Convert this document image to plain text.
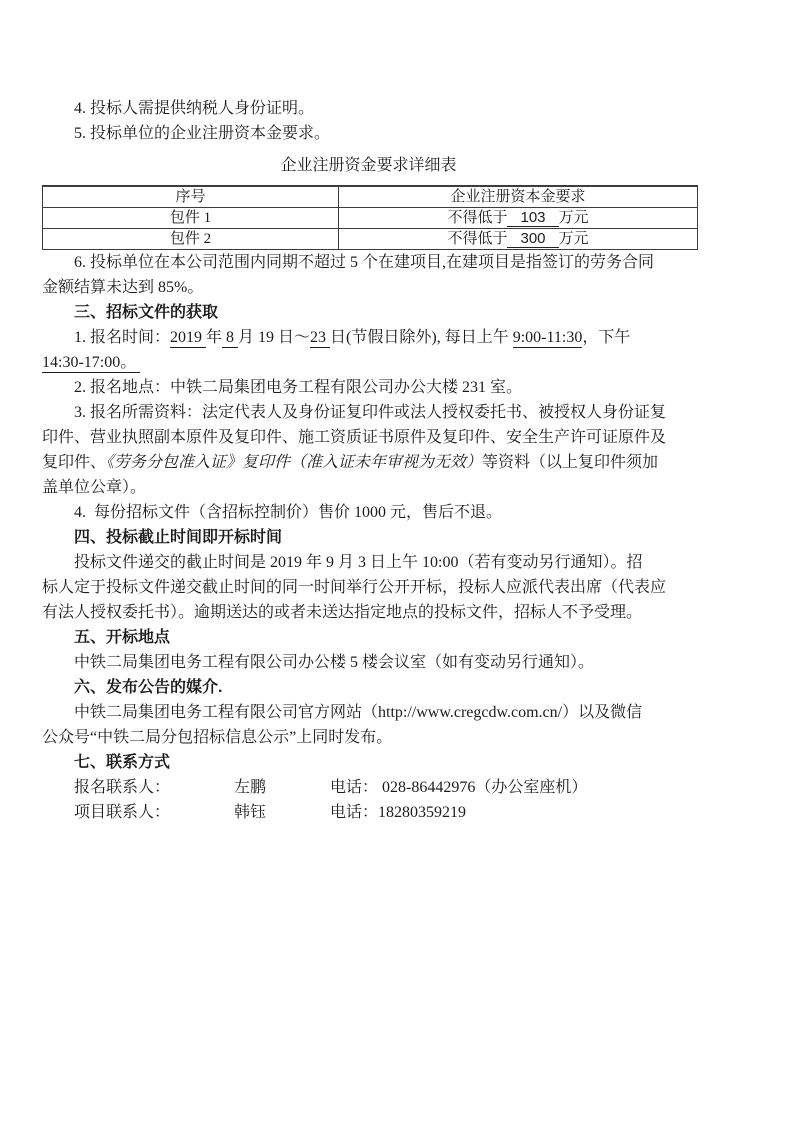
4. 投标人需提供纳税人身份证明。
5. 投标单位的企业注册资本金要求。
企业注册资金要求详细表
序号	企业注册资本金要求
包件 1	不得低于 103 万元
包件 2	不得低于 300 万元
6. 投标单位在本公司范围内同期不超过 5 个在建项目,在建项目是指签订的劳务合同
金额结算未达到 85%。
三、招标文件的获取
1. 报名时间：2019 年 8 月 19 日～23 日(节假日除外), 每日上午 9:00-11:30，下午
14:30-17:00。
2. 报名地点：中铁二局集团电务工程有限公司办公大楼 231 室。
3. 报名所需资料：法定代表人及身份证复印件或法人授权委托书、被授权人身份证复
印件、营业执照副本原件及复印件、施工资质证书原件及复印件、安全生产许可证原件及
复印件、《劳务分包准入证》复印件（准入证未年审视为无效）等资料（以上复印件须加
盖单位公章）。
4.  每份招标文件（含招标控制价）售价 1000 元，售后不退。
四、投标截止时间即开标时间
投标文件递交的截止时间是 2019 年 9 月 3 日上午 10:00（若有变动另行通知）。招
标人定于投标文件递交截止时间的同一时间举行公开开标，投标人应派代表出席（代表应
有法人授权委托书）。逾期送达的或者未送达指定地点的投标文件，招标人不予受理。
五、开标地点
中铁二局集团电务工程有限公司办公楼 5 楼会议室（如有变动另行通知）。
六、发布公告的媒介.
中铁二局集团电务工程有限公司官方网站（http://www.cregcdw.com.cn/）以及微信
公众号“中铁二局分包招标信息公示”上同时发布。
七、联系方式
报名联系人：	左鹏	电话： 028-86442976（办公室座机）
项目联系人：	韩钰	电话：18280359219
